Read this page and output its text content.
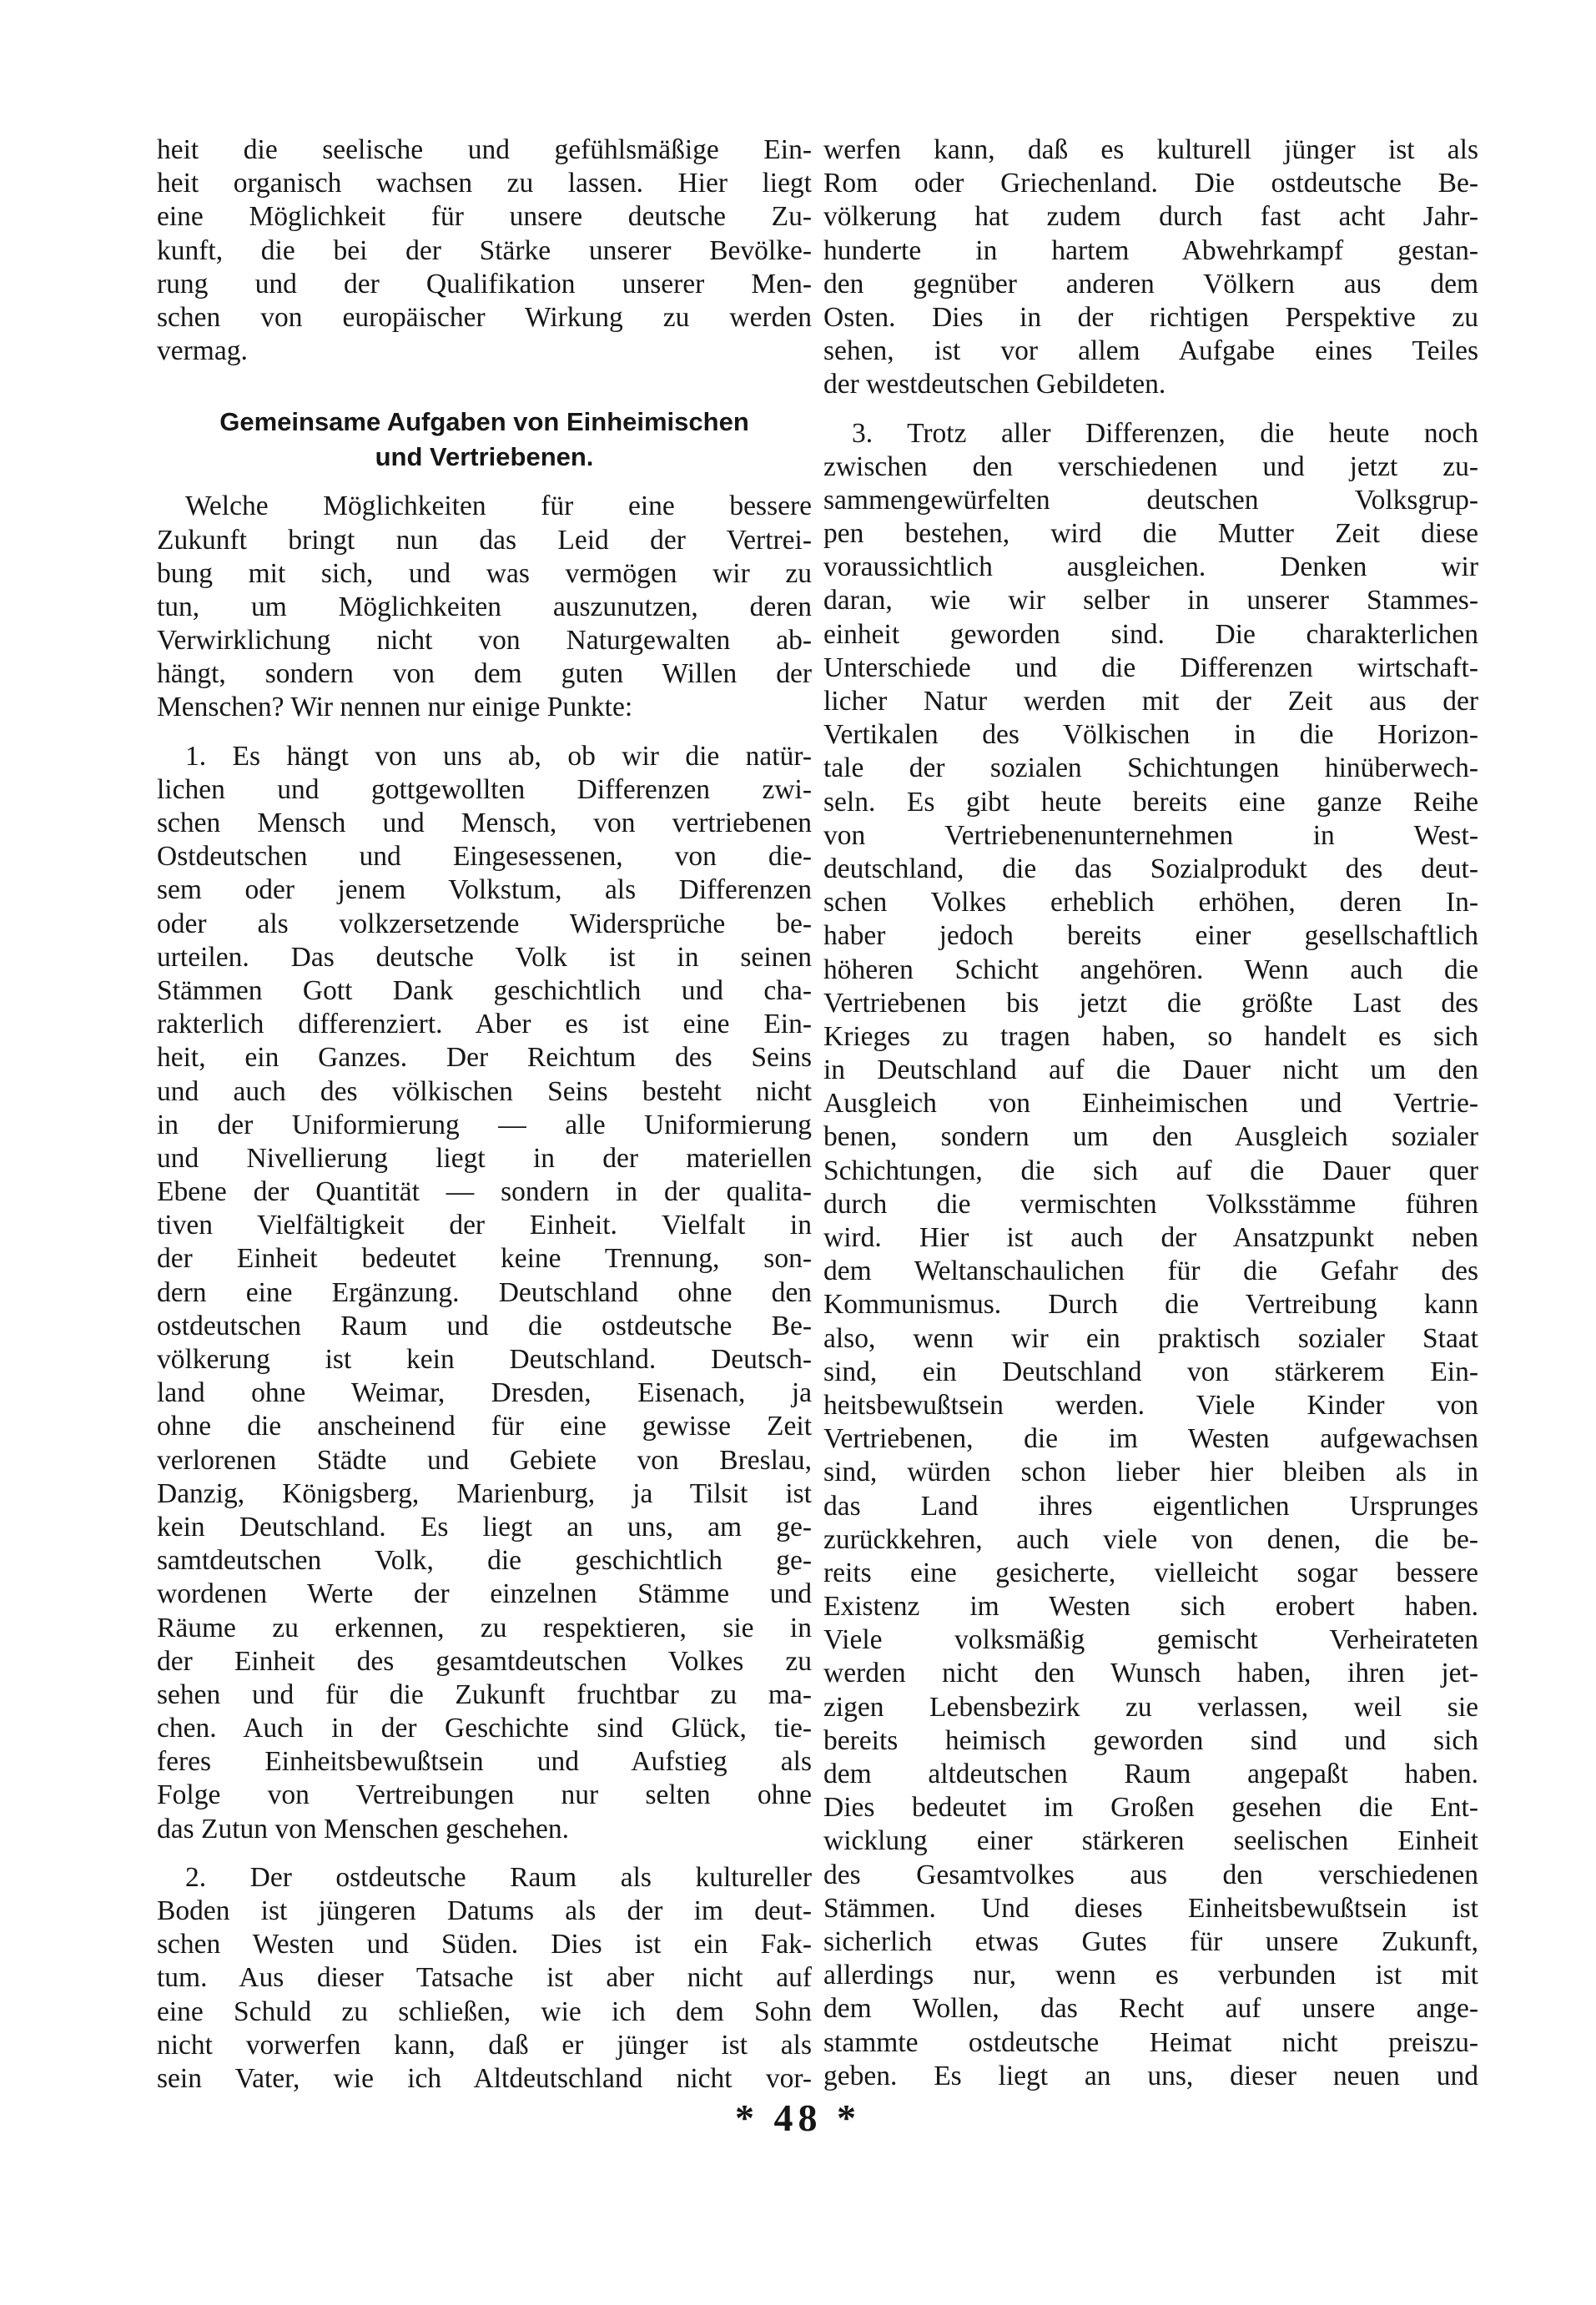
heit die seelische und gefühlsmäßige Ein-
heit organisch wachsen zu lassen. Hier liegt
eine Möglichkeit für unsere deutsche Zu-
kunft, die bei der Stärke unserer Bevölke-
rung und der Qualifikation unserer Men-
schen von europäischer Wirkung zu werden
vermag.
Gemeinsame Aufgaben von Einheimischen
und Vertriebenen.
Welche Möglichkeiten für eine bessere
Zukunft bringt nun das Leid der Vertrei-
bung mit sich, und was vermögen wir zu
tun, um Möglichkeiten auszunutzen, deren
Verwirklichung nicht von Naturgewalten ab-
hängt, sondern von dem guten Willen der
Menschen? Wir nennen nur einige Punkte:
1. Es hängt von uns ab, ob wir die natür-
lichen und gottgewollten Differenzen zwi-
schen Mensch und Mensch, von vertriebenen
Ostdeutschen und Eingesessenen, von die-
sem oder jenem Volkstum, als Differenzen
oder als volkzersetzende Widersprüche be-
urteilen. Das deutsche Volk ist in seinen
Stämmen Gott Dank geschichtlich und cha-
rakterlich differenziert. Aber es ist eine Ein-
heit, ein Ganzes. Der Reichtum des Seins
und auch des völkischen Seins besteht nicht
in der Uniformierung — alle Uniformierung
und Nivellierung liegt in der materiellen
Ebene der Quantität — sondern in der qualita-
tiven Vielfältigkeit der Einheit. Vielfalt in
der Einheit bedeutet keine Trennung, son-
dern eine Ergänzung. Deutschland ohne den
ostdeutschen Raum und die ostdeutsche Be-
völkerung ist kein Deutschland. Deutsch-
land ohne Weimar, Dresden, Eisenach, ja
ohne die anscheinend für eine gewisse Zeit
verlorenen Städte und Gebiete von Breslau,
Danzig, Königsberg, Marienburg, ja Tilsit ist
kein Deutschland. Es liegt an uns, am ge-
samtdeutschen Volk, die geschichtlich ge-
wordenen Werte der einzelnen Stämme und
Räume zu erkennen, zu respektieren, sie in
der Einheit des gesamtdeutschen Volkes zu
sehen und für die Zukunft fruchtbar zu ma-
chen. Auch in der Geschichte sind Glück, tie-
feres Einheitsbewußtsein und Aufstieg als
Folge von Vertreibungen nur selten ohne
das Zutun von Menschen geschehen.
2. Der ostdeutsche Raum als kultureller
Boden ist jüngeren Datums als der im deut-
schen Westen und Süden. Dies ist ein Fak-
tum. Aus dieser Tatsache ist aber nicht auf
eine Schuld zu schließen, wie ich dem Sohn
nicht vorwerfen kann, daß er jünger ist als
sein Vater, wie ich Altdeutschland nicht vor-
werfen kann, daß es kulturell jünger ist als
Rom oder Griechenland. Die ostdeutsche Be-
völkerung hat zudem durch fast acht Jahr-
hunderte in hartem Abwehrkampf gestan-
den gegnüber anderen Völkern aus dem
Osten. Dies in der richtigen Perspektive zu
sehen, ist vor allem Aufgabe eines Teiles
der westdeutschen Gebildeten.
3. Trotz aller Differenzen, die heute noch
zwischen den verschiedenen und jetzt zu-
sammengewürfelten deutschen Volksgrup-
pen bestehen, wird die Mutter Zeit diese
voraussichtlich ausgleichen. Denken wir
daran, wie wir selber in unserer Stammes-
einheit geworden sind. Die charakterlichen
Unterschiede und die Differenzen wirtschaft-
licher Natur werden mit der Zeit aus der
Vertikalen des Völkischen in die Horizon-
tale der sozialen Schichtungen hinüberwech-
seln. Es gibt heute bereits eine ganze Reihe
von Vertriebenenunternehmen in West-
deutschland, die das Sozialprodukt des deut-
schen Volkes erheblich erhöhen, deren In-
haber jedoch bereits einer gesellschaftlich
höheren Schicht angehören. Wenn auch die
Vertriebenen bis jetzt die größte Last des
Krieges zu tragen haben, so handelt es sich
in Deutschland auf die Dauer nicht um den
Ausgleich von Einheimischen und Vertrie-
benen, sondern um den Ausgleich sozialer
Schichtungen, die sich auf die Dauer quer
durch die vermischten Volksstämme führen
wird. Hier ist auch der Ansatzpunkt neben
dem Weltanschaulichen für die Gefahr des
Kommunismus. Durch die Vertreibung kann
also, wenn wir ein praktisch sozialer Staat
sind, ein Deutschland von stärkerem Ein-
heitsbewußtsein werden. Viele Kinder von
Vertriebenen, die im Westen aufgewachsen
sind, würden schon lieber hier bleiben als in
das Land ihres eigentlichen Ursprunges
zurückkehren, auch viele von denen, die be-
reits eine gesicherte, vielleicht sogar bessere
Existenz im Westen sich erobert haben.
Viele volksmäßig gemischt Verheirateten
werden nicht den Wunsch haben, ihren jet-
zigen Lebensbezirk zu verlassen, weil sie
bereits heimisch geworden sind und sich
dem altdeutschen Raum angepaßt haben.
Dies bedeutet im Großen gesehen die Ent-
wicklung einer stärkeren seelischen Einheit
des Gesamtvolkes aus den verschiedenen
Stämmen. Und dieses Einheitsbewußtsein ist
sicherlich etwas Gutes für unsere Zukunft,
allerdings nur, wenn es verbunden ist mit
dem Wollen, das Recht auf unsere ange-
stammte ostdeutsche Heimat nicht preiszu-
geben. Es liegt an uns, dieser neuen und
* 48 *
